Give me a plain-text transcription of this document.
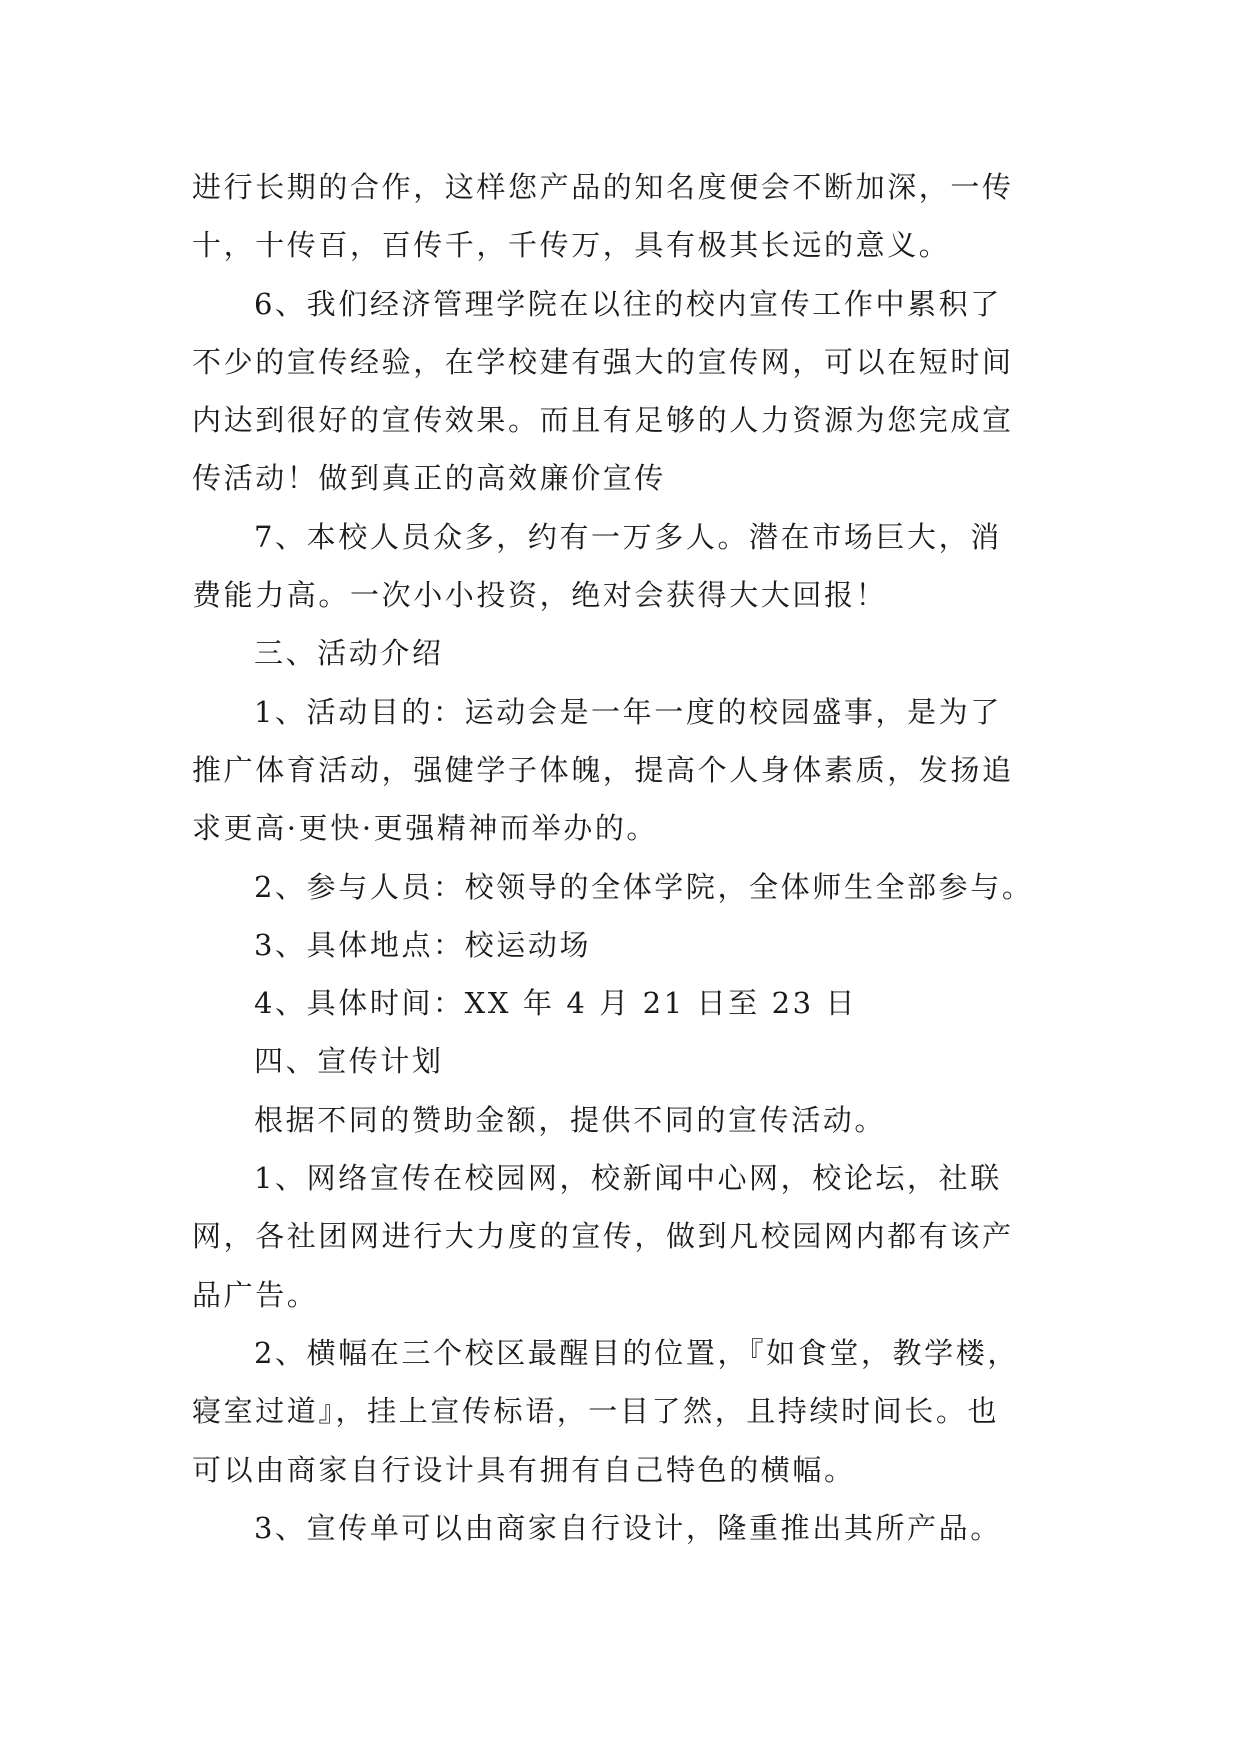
进行长期的合作，这样您产品的知名度便会不断加深，一传
十，十传百，百传千，千传万，具有极其长远的意义。
6、我们经济管理学院在以往的校内宣传工作中累积了
不少的宣传经验，在学校建有强大的宣传网，可以在短时间
内达到很好的宣传效果。而且有足够的人力资源为您完成宣
传活动！做到真正的高效廉价宣传
7、本校人员众多，约有一万多人。潜在市场巨大，消
费能力高。一次小小投资，绝对会获得大大回报！
三、活动介绍
1、活动目的：运动会是一年一度的校园盛事，是为了
推广体育活动，强健学子体魄，提高个人身体素质，发扬追
求更高·更快·更强精神而举办的。
2、参与人员：校领导的全体学院，全体师生全部参与。
3、具体地点：校运动场
4、具体时间：XX 年 4 月 21 日至 23 日
四、宣传计划
根据不同的赞助金额，提供不同的宣传活动。
1、网络宣传在校园网，校新闻中心网，校论坛，社联
网，各社团网进行大力度的宣传，做到凡校园网内都有该产
品广告。
2、横幅在三个校区最醒目的位置，『如食堂，教学楼，
寝室过道』，挂上宣传标语，一目了然，且持续时间长。也
可以由商家自行设计具有拥有自己特色的横幅。
3、宣传单可以由商家自行设计，隆重推出其所产品。
